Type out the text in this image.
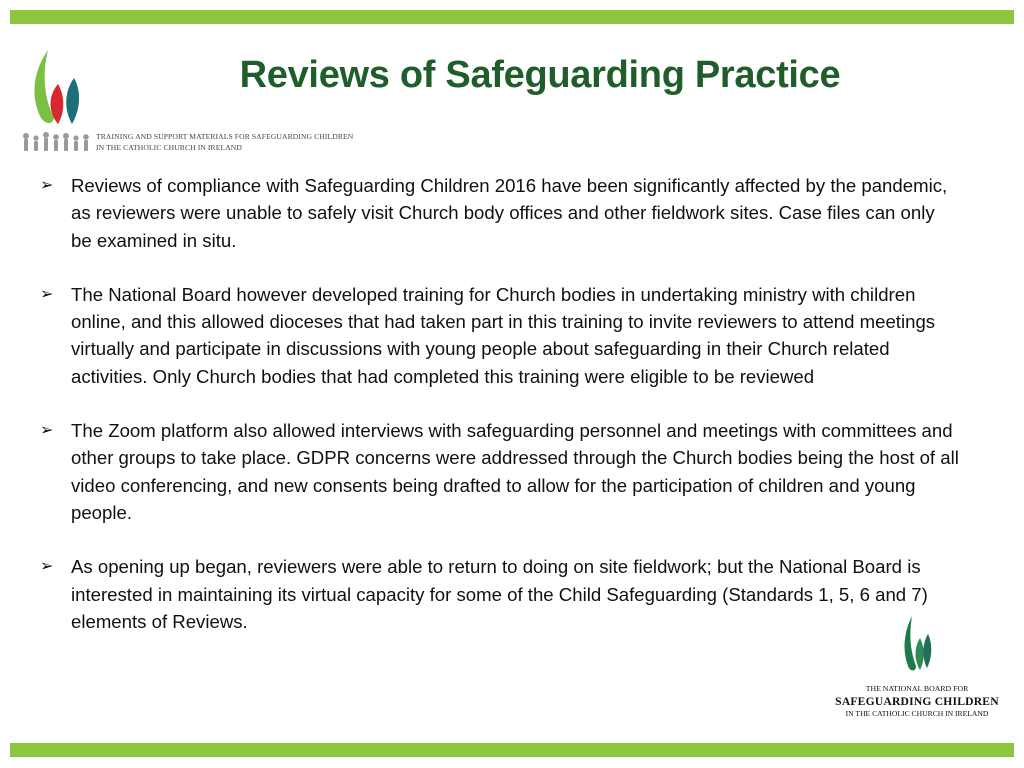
TRAINING AND SUPPORT MATERIALS FOR SAFEGUARDING CHILDREN
IN THE CATHOLIC CHURCH IN IRELAND
Reviews of Safeguarding Practice
➢ Reviews of compliance with Safeguarding Children 2016 have been significantly affected by the pandemic, as reviewers were unable to safely visit Church body offices and other fieldwork sites. Case files can only be examined in situ.
➢ The National Board however developed training for Church bodies in undertaking ministry with children online, and this allowed dioceses that had taken part in this training to invite reviewers to attend meetings virtually and participate in discussions with young people about safeguarding in their Church related activities. Only Church bodies that had completed this training were eligible to be reviewed
➢ The Zoom platform also allowed interviews with safeguarding personnel and meetings with committees and other groups to take place. GDPR concerns were addressed through the Church bodies being the host of all video conferencing, and new consents being drafted to allow for the participation of children and young people.
➢ As opening up began, reviewers were able to return to doing on site fieldwork; but the National Board is interested in maintaining its virtual capacity for some of the Child Safeguarding (Standards 1, 5, 6 and 7) elements of Reviews.
THE NATIONAL BOARD FOR
SAFEGUARDING CHILDREN
IN THE CATHOLIC CHURCH IN IRELAND
